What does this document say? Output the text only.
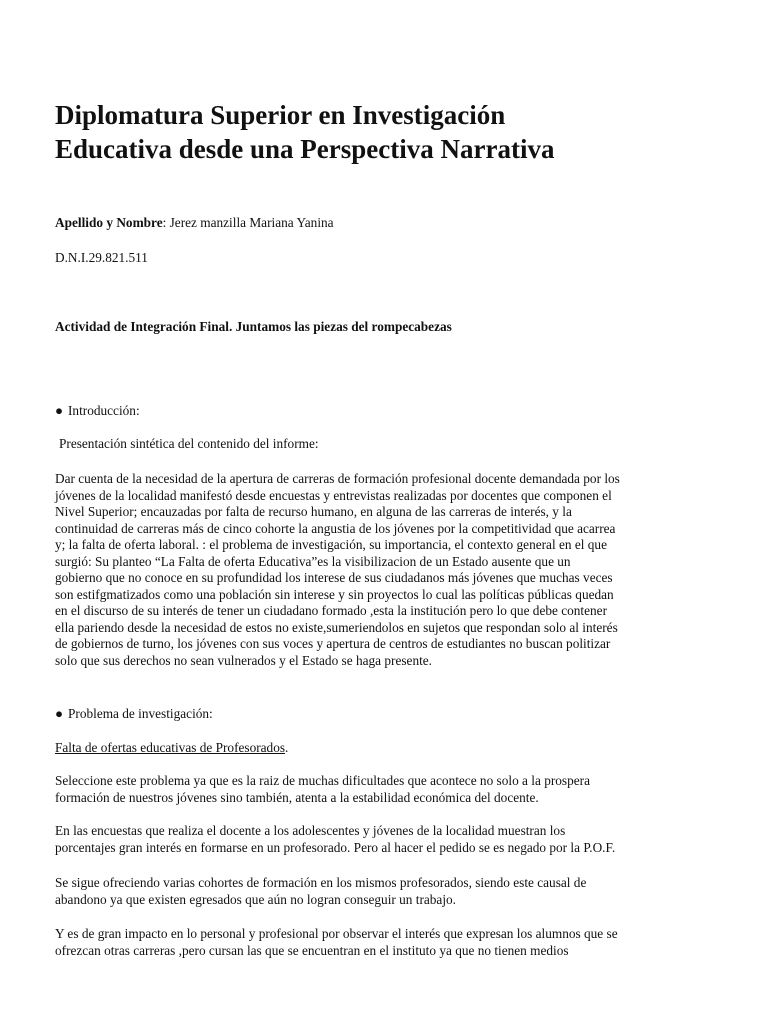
Diplomatura Superior en Investigación
Educativa desde una Perspectiva Narrativa

Apellido y Nombre: Jerez manzilla Mariana Yanina

D.N.I.29.821.511

Actividad de Integración Final. Juntamos las piezas del rompecabezas

● Introducción:

Presentación sintética del contenido del informe:

Dar cuenta de la necesidad de la apertura de carreras de formación profesional docente demandada por los
jóvenes de la localidad manifestó desde encuestas y entrevistas realizadas por docentes que componen el
Nivel Superior; encauzadas por falta de recurso humano, en alguna de las carreras de interés, y la
continuidad de carreras más de cinco cohorte la angustia de los jóvenes por la competitividad que acarrea
y; la falta de oferta laboral. : el problema de investigación, su importancia, el contexto general en el que
surgió: Su planteo “La Falta de oferta Educativa”es la visibilizacion de un Estado ausente que un
gobierno que no conoce en su profundidad los interese de sus ciudadanos más jóvenes que muchas veces
son estifgmatizados como una población sin interese y sin proyectos lo cual las políticas públicas quedan
en el discurso de su interés de tener un ciudadano formado ,esta la institución pero lo que debe contener
ella pariendo desde la necesidad de estos no existe,sumeriendolos en sujetos que respondan solo al interés
de gobiernos de turno, los jóvenes con sus voces y apertura de centros de estudiantes no buscan politizar
solo que sus derechos no sean vulnerados y el Estado se haga presente.

● Problema de investigación:

Falta de ofertas educativas de Profesorados.

Seleccione este problema ya que es la raiz de muchas dificultades que acontece no solo a la prospera
formación de nuestros jóvenes sino también, atenta a la estabilidad económica del docente.

En las encuestas que realiza el docente a los adolescentes y jóvenes de la localidad muestran los
porcentajes gran interés en formarse en un profesorado. Pero al hacer el pedido se es negado por la P.O.F.

Se sigue ofreciendo varias cohortes de formación en los mismos profesorados, siendo este causal de
abandono ya que existen egresados que aún no logran conseguir un trabajo.

Y es de gran impacto en lo personal y profesional por observar el interés que expresan los alumnos que se
ofrezcan otras carreras ,pero cursan las que se encuentran en el instituto ya que no tienen medios
